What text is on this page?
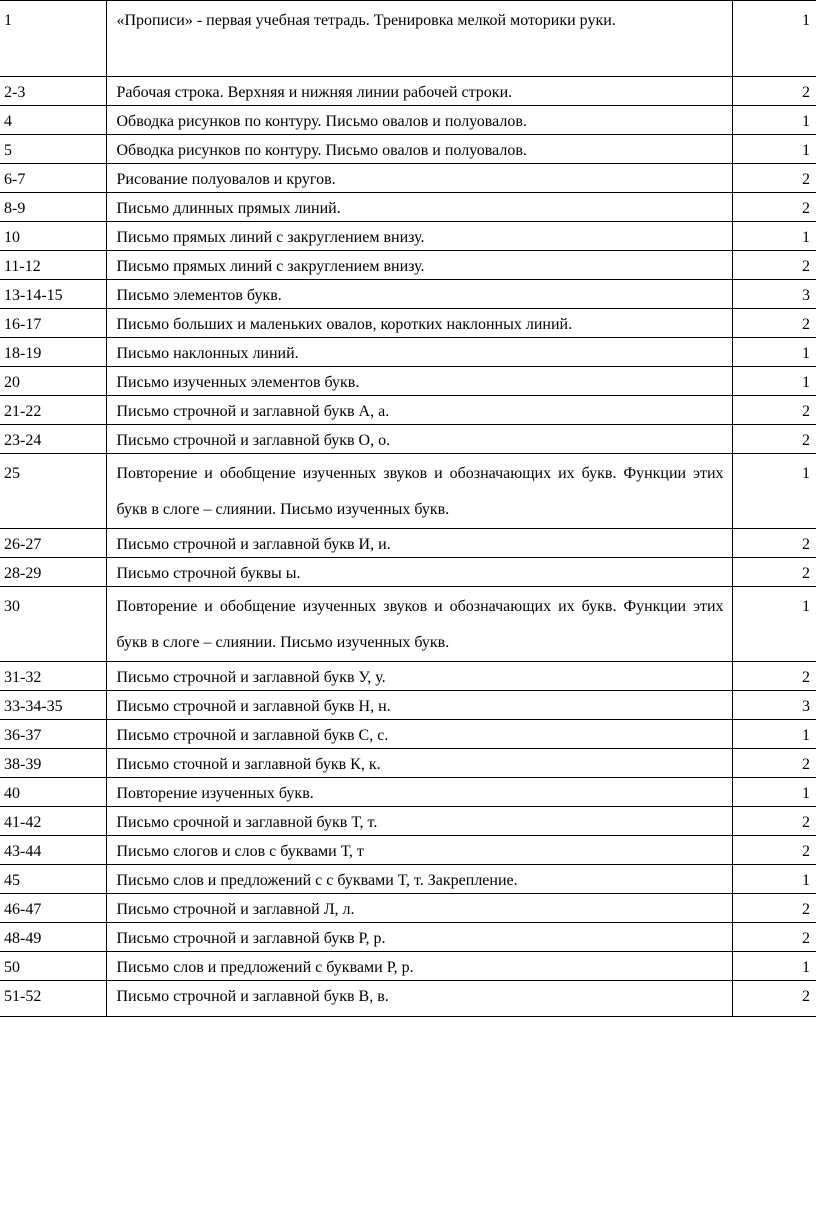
1	«Прописи» - первая учебная тетрадь. Тренировка мелкой моторики руки.	1
2-3	Рабочая строка. Верхняя и нижняя линии рабочей строки.	2
4	Обводка рисунков по контуру. Письмо овалов и полуовалов.	1
5	Обводка рисунков по контуру. Письмо овалов и полуовалов.	1
6-7	Рисование полуовалов и кругов.	2
8-9	Письмо длинных прямых линий.	2
10	Письмо прямых линий с закруглением внизу.	1
11-12	Письмо прямых линий с закруглением внизу.	2
13-14-15	Письмо элементов букв.	3
16-17	Письмо больших и маленьких овалов, коротких наклонных линий.	2
18-19	Письмо наклонных линий.	1
20	Письмо изученных элементов букв.	1
21-22	Письмо строчной и заглавной букв А, а.	2
23-24	Письмо строчной и заглавной букв О, о.	2
25	Повторение и обобщение изученных звуков и обозначающих их букв. Функции этих букв в слоге – слиянии. Письмо изученных букв.	1
26-27	Письмо строчной и заглавной букв И, и.	2
28-29	Письмо строчной буквы ы.	2
30	Повторение и обобщение изученных звуков и обозначающих их букв. Функции этих букв в слоге – слиянии. Письмо изученных букв.	1
31-32	Письмо строчной и заглавной букв У, у.	2
33-34-35	Письмо строчной и заглавной букв Н, н.	3
36-37	Письмо строчной и заглавной букв С, с.	1
38-39	Письмо сточной и заглавной букв К, к.	2
40	Повторение изученных букв.	1
41-42	Письмо срочной и заглавной букв Т, т.	2
43-44	Письмо слогов и слов с буквами Т, т	2
45	Письмо слов и предложений с с буквами Т, т. Закрепление.	1
46-47	Письмо строчной и заглавной Л, л.	2
48-49	Письмо строчной и заглавной букв Р, р.	2
50	Письмо слов и предложений с буквами Р, р.	1
51-52	Письмо строчной и заглавной букв В, в.	2
